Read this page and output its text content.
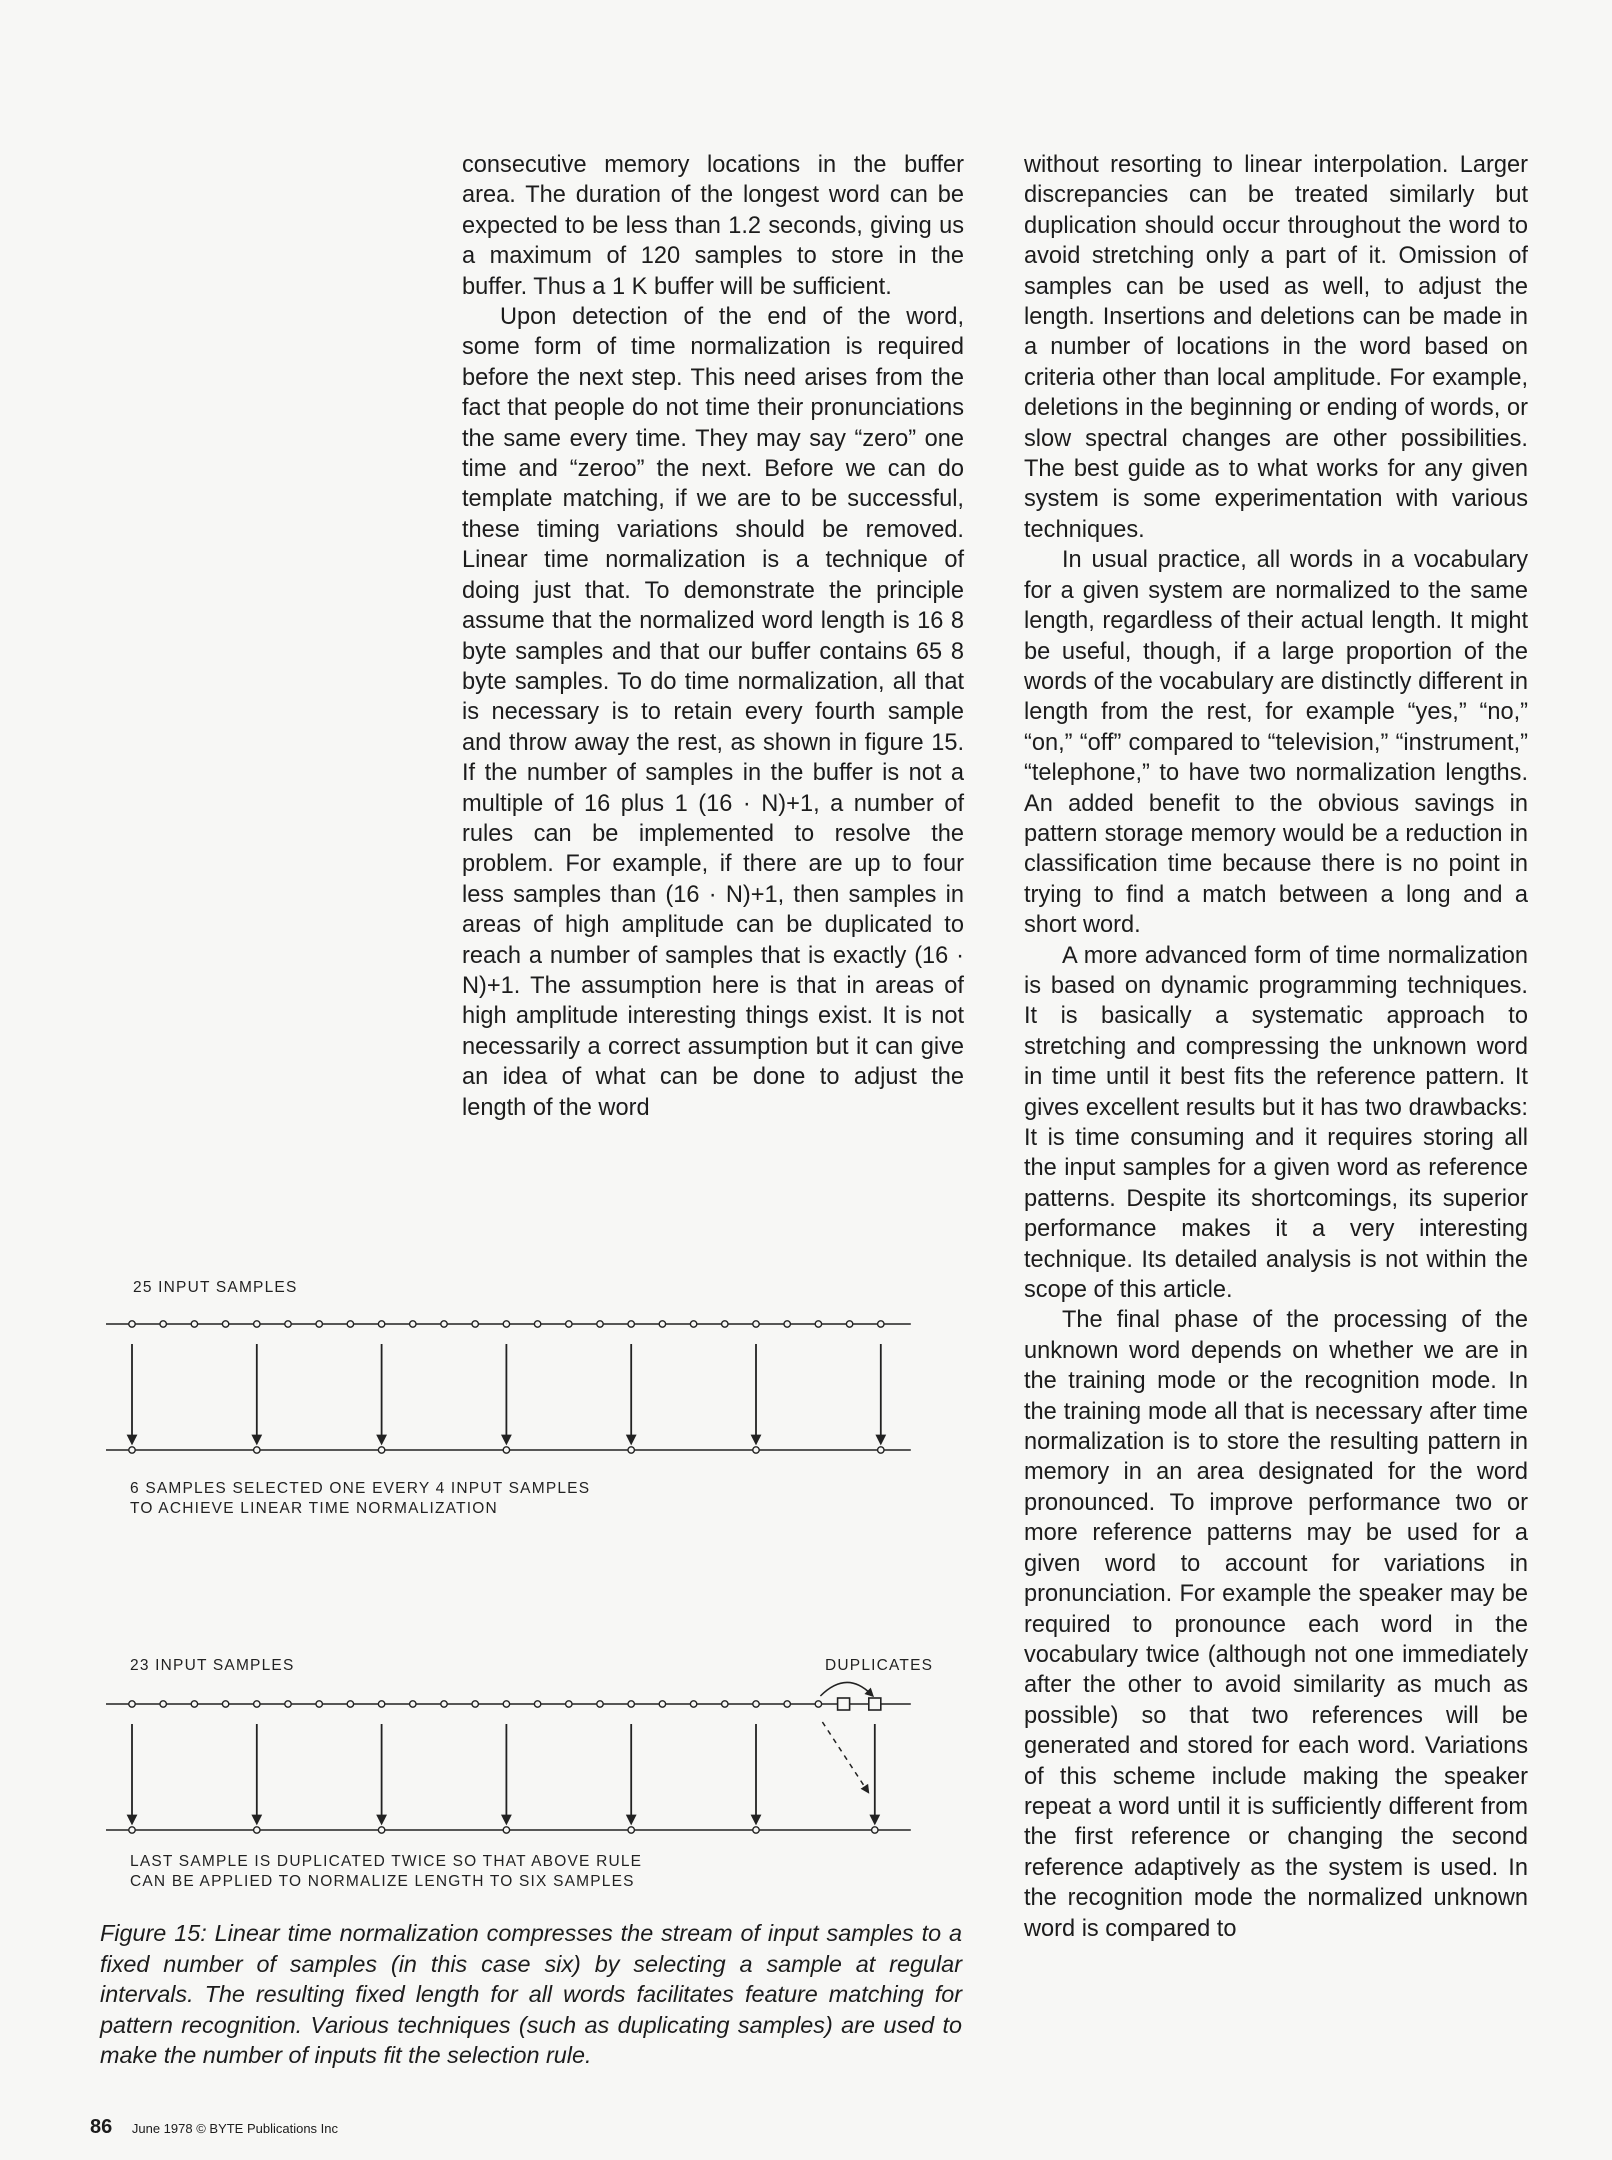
consecutive memory locations in the buffer area. The duration of the longest word can be expected to be less than 1.2 seconds, giving us a maximum of 120 samples to store in the buffer. Thus a 1 K buffer will be sufficient.

Upon detection of the end of the word, some form of time normalization is required before the next step. This need arises from the fact that people do not time their pronunciations the same every time. They may say “zero” one time and “zeroo” the next. Before we can do template matching, if we are to be successful, these timing variations should be removed. Linear time normalization is a technique of doing just that. To demonstrate the principle assume that the normalized word length is 16 8 byte samples and that our buffer contains 65 8 byte samples. To do time normalization, all that is necessary is to retain every fourth sample and throw away the rest, as shown in figure 15. If the number of samples in the buffer is not a multiple of 16 plus 1 (16 · N)+1, a number of rules can be implemented to resolve the problem. For example, if there are up to four less samples than (16 · N)+1, then samples in areas of high amplitude can be duplicated to reach a number of samples that is exactly (16 · N)+1. The assumption here is that in areas of high amplitude interesting things exist. It is not necessarily a correct assumption but it can give an idea of what can be done to adjust the length of the word

without resorting to linear interpolation. Larger discrepancies can be treated similarly but duplication should occur throughout the word to avoid stretching only a part of it. Omission of samples can be used as well, to adjust the length. Insertions and deletions can be made in a number of locations in the word based on criteria other than local amplitude. For example, deletions in the beginning or ending of words, or slow spectral changes are other possibilities. The best guide as to what works for any given system is some experimentation with various techniques.

In usual practice, all words in a vocabulary for a given system are normalized to the same length, regardless of their actual length. It might be useful, though, if a large proportion of the words of the vocabulary are distinctly different in length from the rest, for example “yes,” “no,” “on,” “off” compared to “television,” “instrument,” “telephone,” to have two normalization lengths. An added benefit to the obvious savings in pattern storage memory would be a reduction in classification time because there is no point in trying to find a match between a long and a short word.

A more advanced form of time normalization is based on dynamic programming techniques. It is basically a systematic approach to stretching and compressing the unknown word in time until it best fits the reference pattern. It gives excellent results but it has two drawbacks: It is time consuming and it requires storing all the input samples for a given word as reference patterns. Despite its shortcomings, its superior performance makes it a very interesting technique. Its detailed analysis is not within the scope of this article.

The final phase of the processing of the unknown word depends on whether we are in the training mode or the recognition mode. In the training mode all that is necessary after time normalization is to store the resulting pattern in memory in an area designated for the word pronounced. To improve performance two or more reference patterns may be used for a given word to account for variations in pronunciation. For example the speaker may be required to pronounce each word in the vocabulary twice (although not one immediately after the other to avoid similarity as much as possible) so that two references will be generated and stored for each word. Variations of this scheme include making the speaker repeat a word until it is sufficiently different from the first reference or changing the second reference adaptively as the system is used. In the recognition mode the normalized unknown word is compared to

25 INPUT SAMPLES
6 SAMPLES SELECTED ONE EVERY 4 INPUT SAMPLES
TO ACHIEVE LINEAR TIME NORMALIZATION
23 INPUT SAMPLES	DUPLICATES
LAST SAMPLE IS DUPLICATED TWICE SO THAT ABOVE RULE
CAN BE APPLIED TO NORMALIZE LENGTH TO SIX SAMPLES
Figure 15: Linear time normalization compresses the stream of input samples to a fixed number of samples (in this case six) by selecting a sample at regular intervals. The resulting fixed length for all words facilitates feature matching for pattern recognition. Various techniques (such as duplicating samples) are used to make the number of inputs fit the selection rule.
86 June 1978 © BYTE Publications Inc
